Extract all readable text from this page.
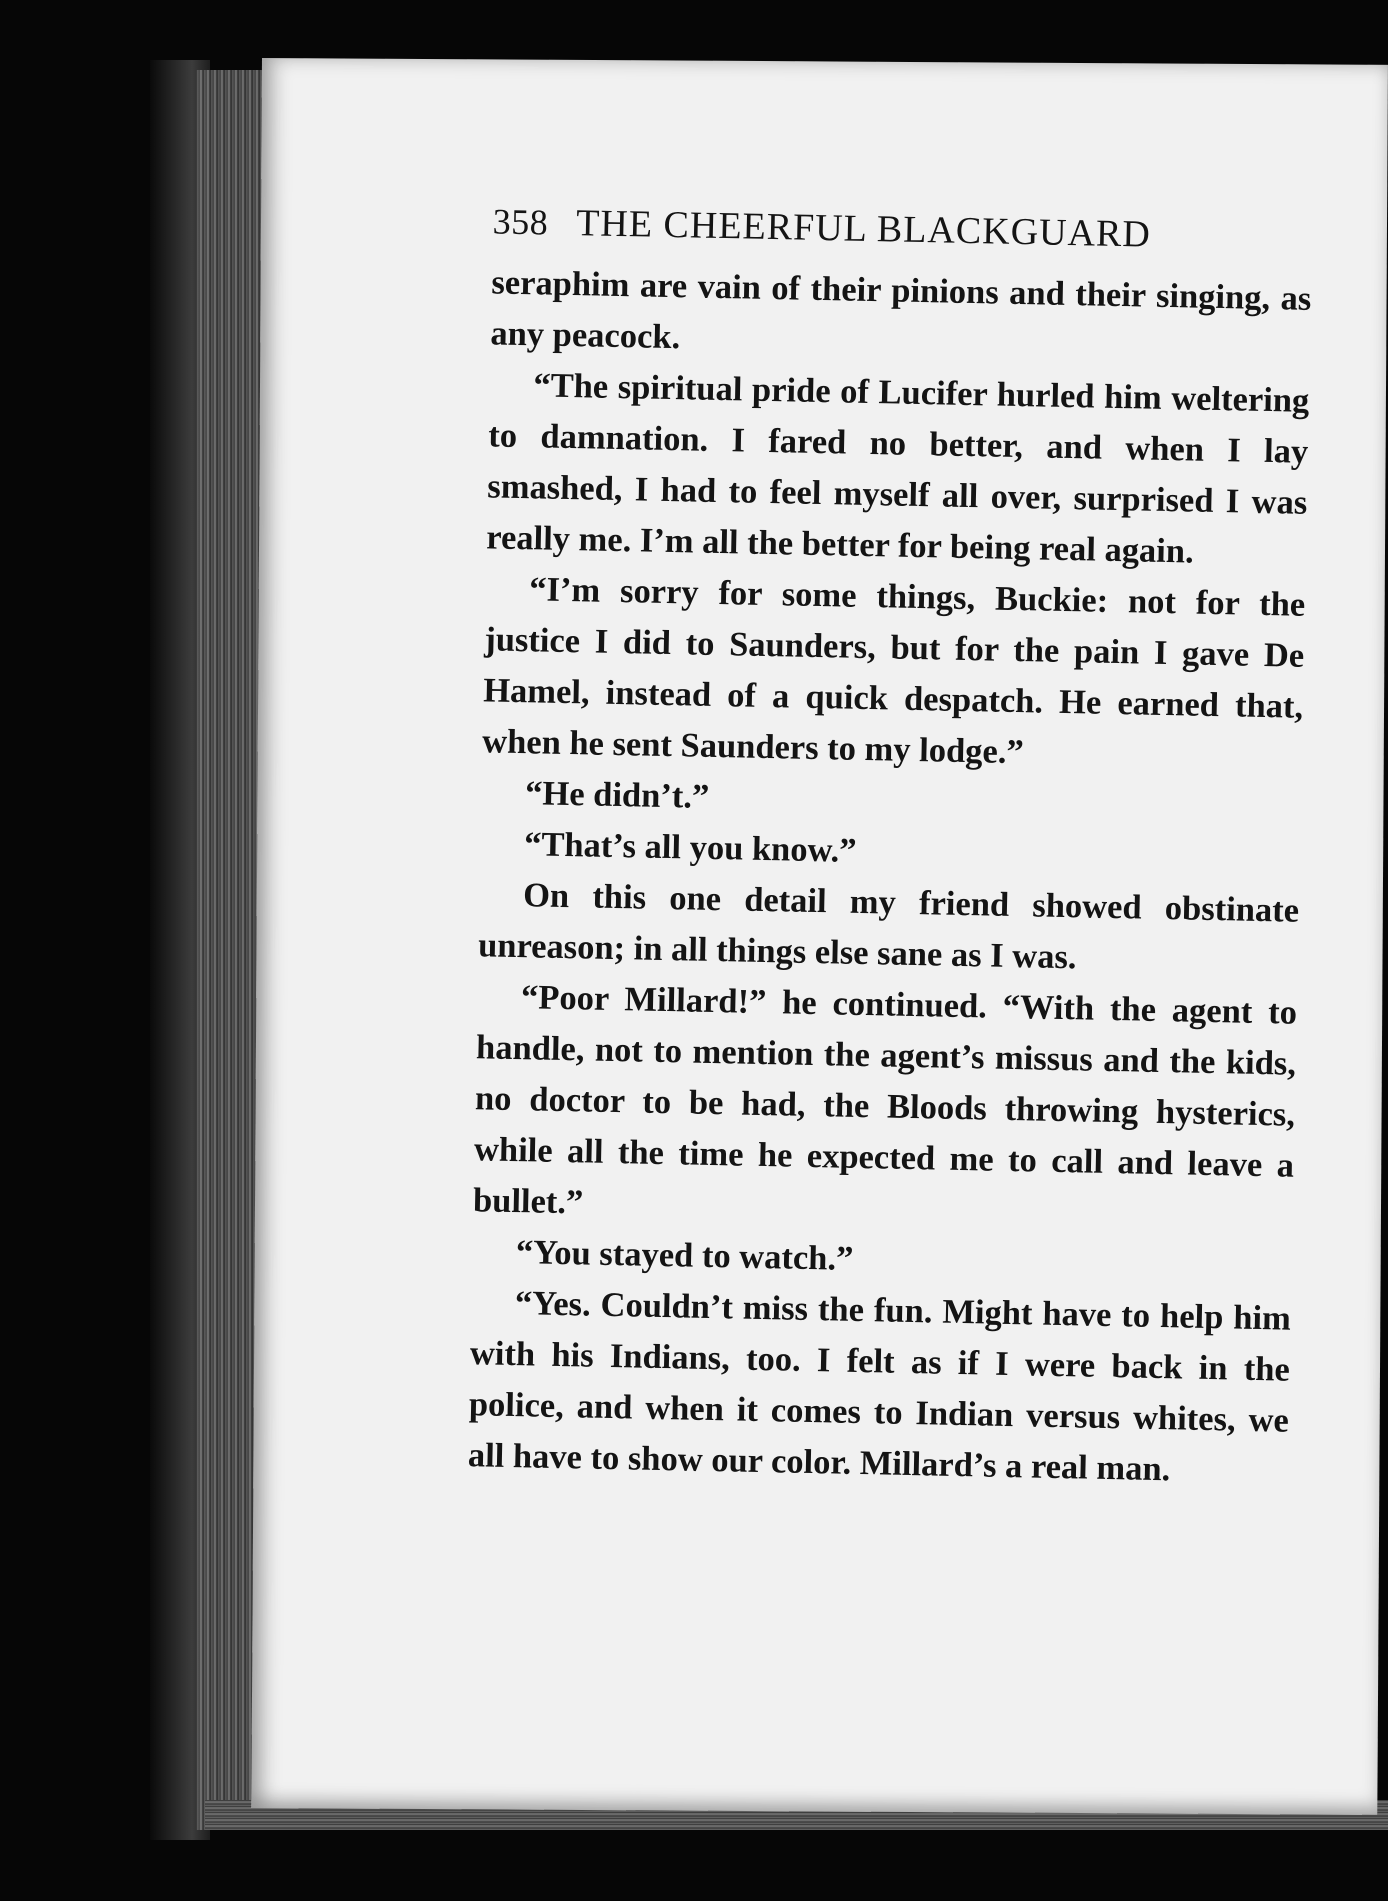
358 THE CHEERFUL BLACKGUARD

seraphim are vain of their pinions and their singing, as any peacock.

“The spiritual pride of Lucifer hurled him weltering to damnation. I fared no better, and when I lay smashed, I had to feel myself all over, surprised I was really me. I’m all the better for being real again.

“I’m sorry for some things, Buckie: not for the justice I did to Saunders, but for the pain I gave De Hamel, instead of a quick despatch. He earned that, when he sent Saunders to my lodge.”

“He didn’t.”

“That’s all you know.”

On this one detail my friend showed obstinate unreason; in all things else sane as I was.

“Poor Millard!” he continued. “With the agent to handle, not to mention the agent’s missus and the kids, no doctor to be had, the Bloods throwing hysterics, while all the time he expected me to call and leave a bullet.”

“You stayed to watch.”

“Yes. Couldn’t miss the fun. Might have to help him with his Indians, too. I felt as if I were back in the police, and when it comes to Indian versus whites, we all have to show our color. Millard’s a real man.
